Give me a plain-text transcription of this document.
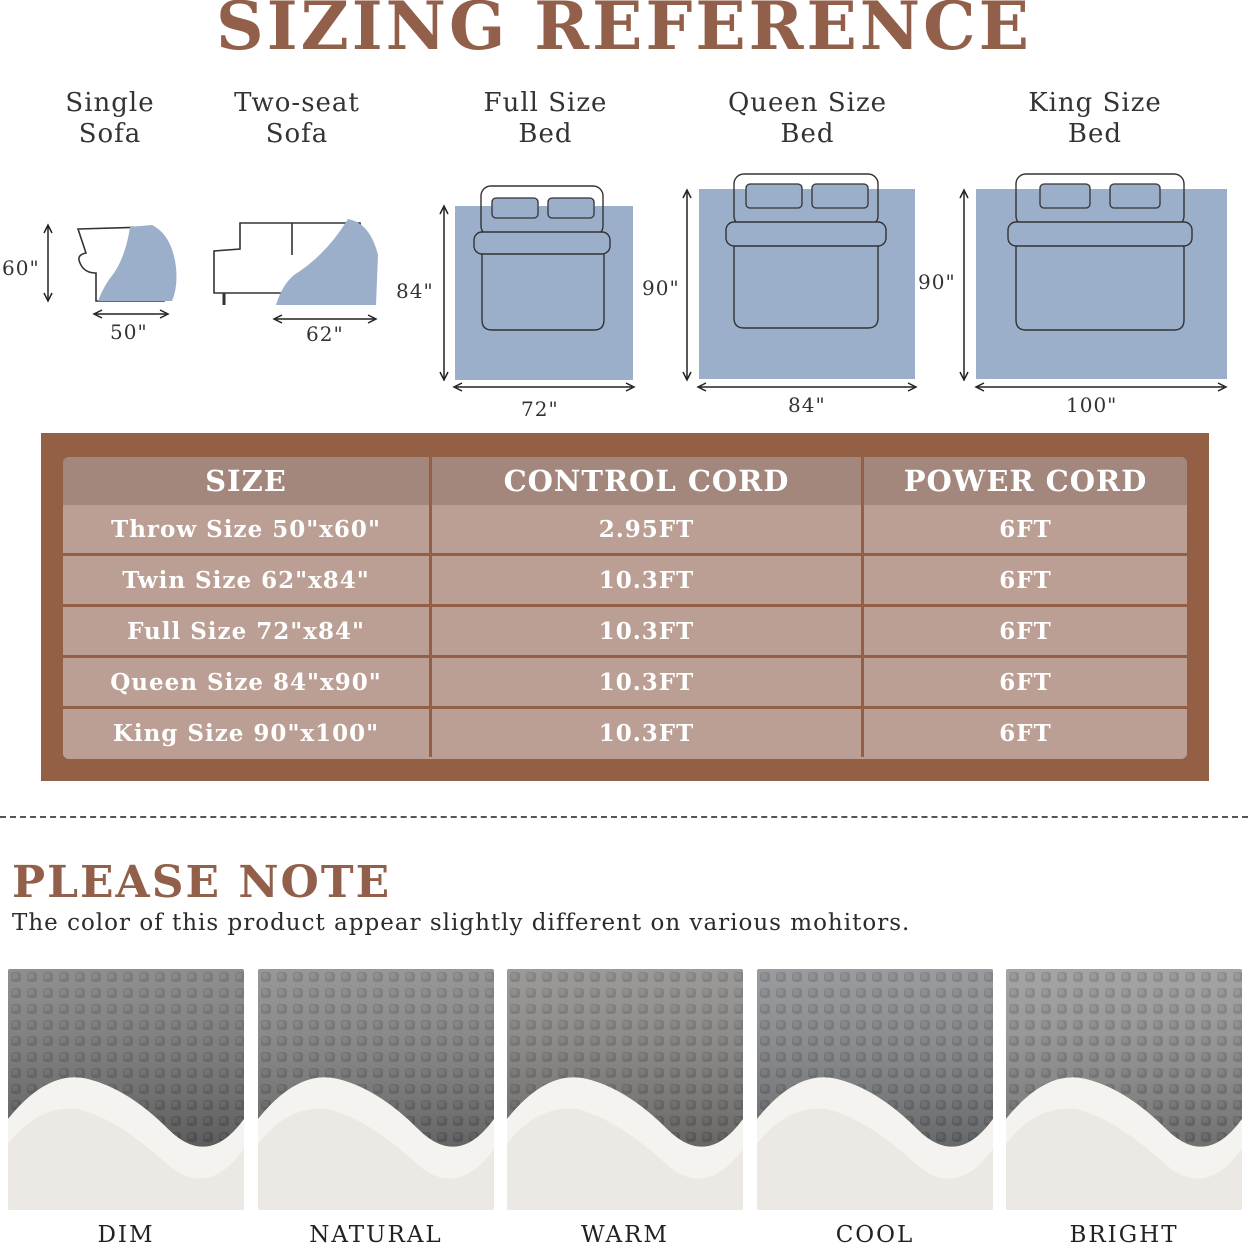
SIZING REFERENCE
Single
Sofa
Two-seat
Sofa
Full Size
Bed
Queen Size
Bed
King Size
Bed
60"
50"	62"
84"
72"
90"
84"
90"
100"
SIZE	CONTROL CORD	POWER CORD
Throw Size 50"x60"	2.95FT	6FT
Twin Size 62"x84"	10.3FT	6FT
Full Size 72"x84"	10.3FT	6FT
Queen Size 84"x90"	10.3FT	6FT
King Size 90"x100"	10.3FT	6FT
PLEASE NOTE
The color of this product appear slightly different on various mohitors.
DIM	NATURAL	WARM	COOL	BRIGHT
